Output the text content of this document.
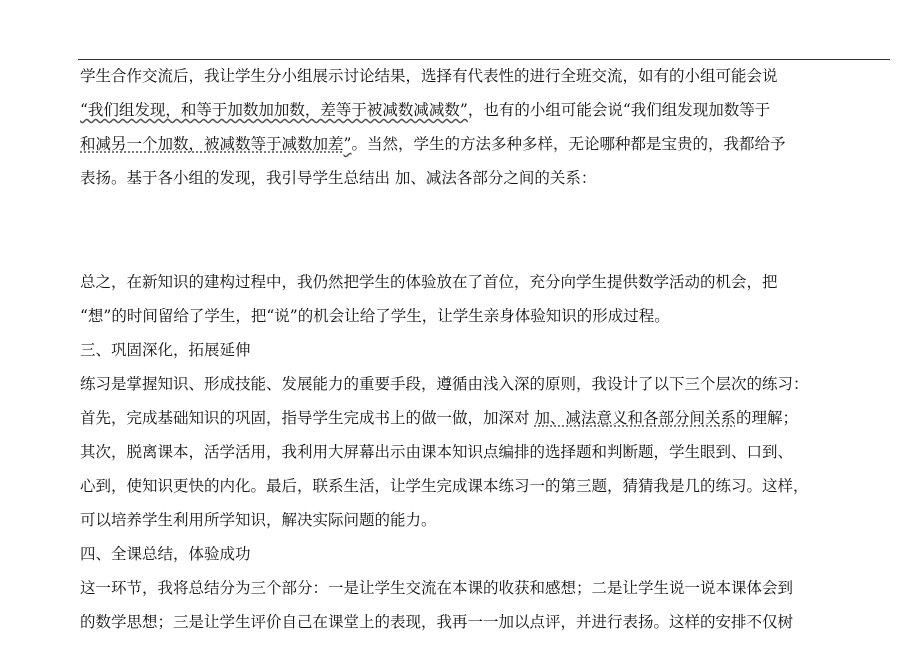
学生合作交流后，我让学生分小组展示讨论结果，选择有代表性的进行全班交流，如有的小组可能会说
“我们组发现，和等于加数加加数，差等于被减数减减数”，也有的小组可能会说“我们组发现加数等于
和减另一个加数，被减数等于减数加差”。当然，学生的方法多种多样，无论哪种都是宝贵的，我都给予
表扬。基于各小组的发现，我引导学生总结出 加、减法各部分之间的关系：
总之，在新知识的建构过程中，我仍然把学生的体验放在了首位，充分向学生提供数学活动的机会，把
“想”的时间留给了学生，把“说”的机会让给了学生，让学生亲身体验知识的形成过程。
三、巩固深化，拓展延伸
练习是掌握知识、形成技能、发展能力的重要手段，遵循由浅入深的原则，我设计了以下三个层次的练习：
首先，完成基础知识的巩固，指导学生完成书上的做一做，加深对 加、减法意义和各部分间关系的理解；
其次，脱离课本，活学活用，我利用大屏幕出示由课本知识点编排的选择题和判断题，学生眼到、口到、
心到，使知识更快的内化。最后，联系生活，让学生完成课本练习一的第三题，猜猜我是几的练习。这样，
可以培养学生利用所学知识，解决实际问题的能力。
四、全课总结，体验成功
这一环节，我将总结分为三个部分：一是让学生交流在本课的收获和感想；二是让学生说一说本课体会到
的数学思想；三是让学生评价自己在课堂上的表现，我再一一加以点评，并进行表扬。这样的安排不仅树
